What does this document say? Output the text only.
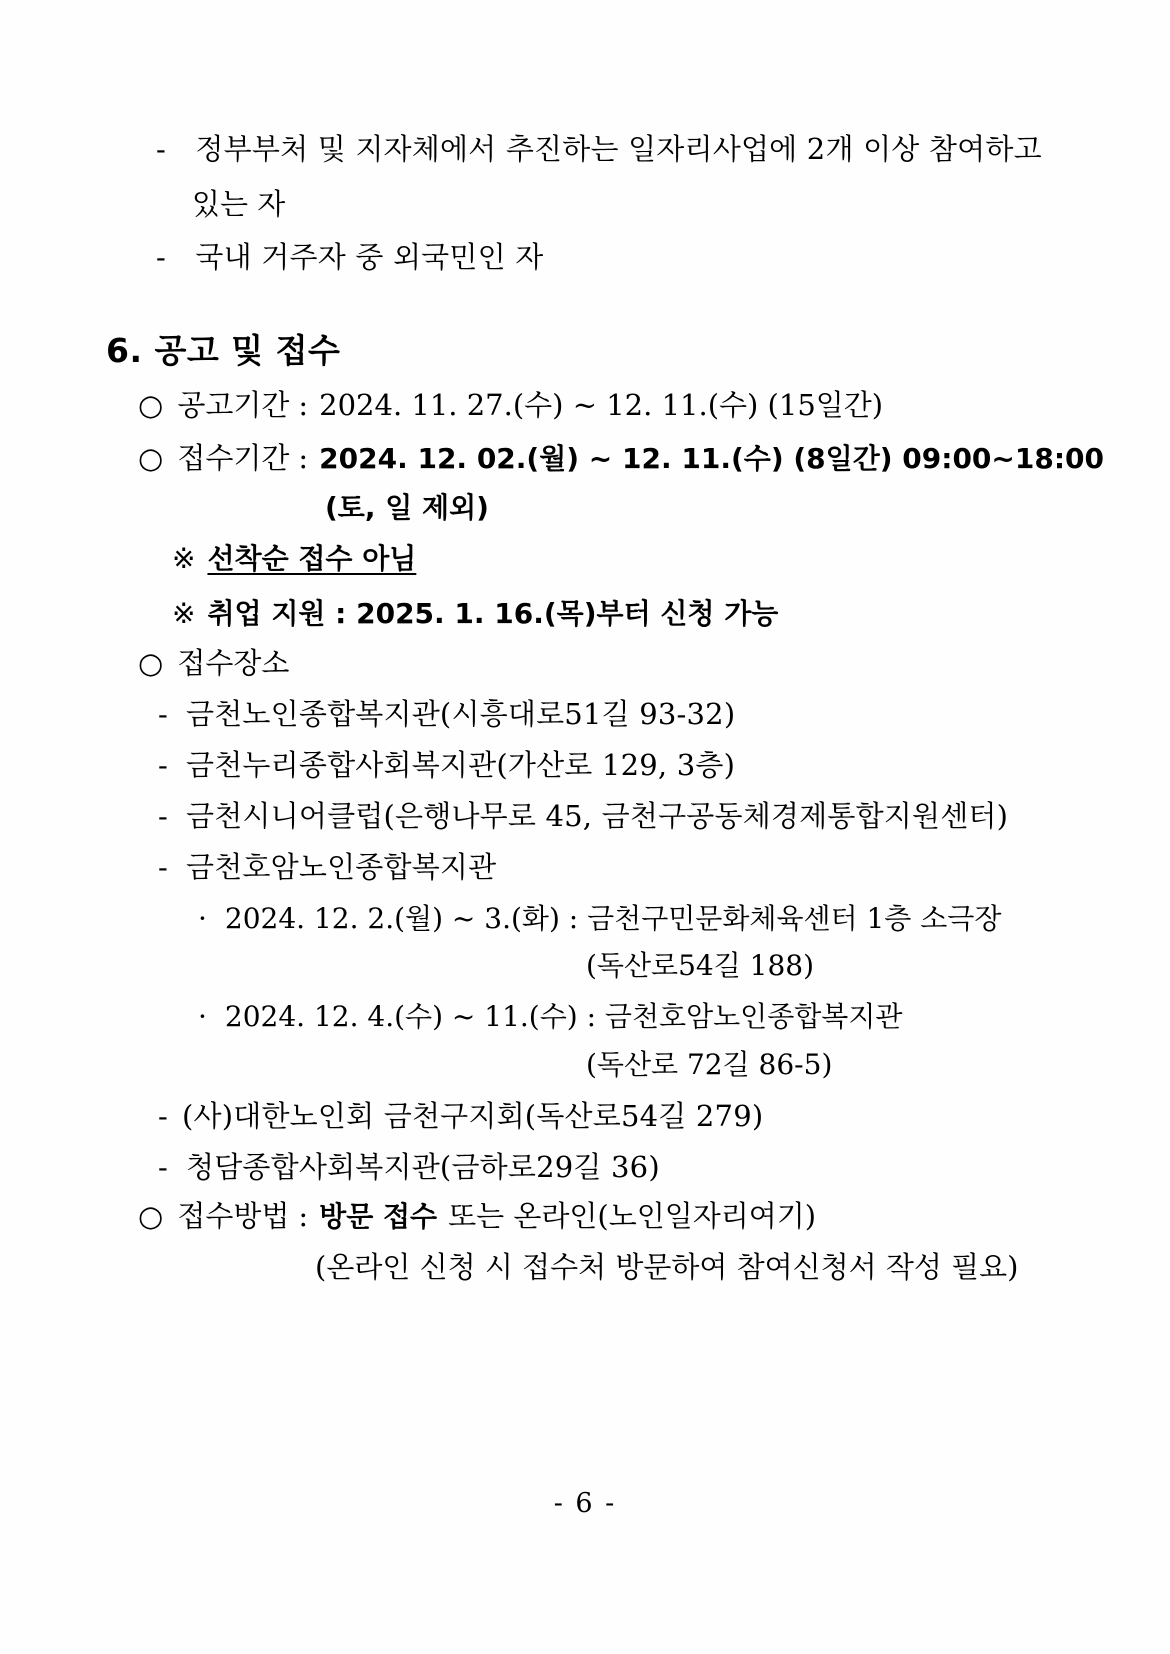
- 정부부처 및 지자체에서 추진하는 일자리사업에 2개 이상 참여하고
있는 자
- 국내 거주자 중 외국민인 자
6. 공고 및 접수
○ 공고기간 : 2024. 11. 27.(수) ~ 12. 11.(수) (15일간)
○ 접수기간 : 2024. 12. 02.(월) ~ 12. 11.(수) (8일간) 09:00~18:00
(토, 일 제외)
※ 선착순 접수 아님
※ 취업 지원 : 2025. 1. 16.(목)부터 신청 가능
○ 접수장소
- 금천노인종합복지관(시흥대로51길 93-32)
- 금천누리종합사회복지관(가산로 129, 3층)
- 금천시니어클럽(은행나무로 45, 금천구공동체경제통합지원센터)
- 금천호암노인종합복지관
· 2024. 12. 2.(월) ~ 3.(화) : 금천구민문화체육센터 1층 소극장
(독산로54길 188)
· 2024. 12. 4.(수) ~ 11.(수) : 금천호암노인종합복지관
(독산로 72길 86-5)
- (사)대한노인회 금천구지회(독산로54길 279)
- 청담종합사회복지관(금하로29길 36)
○ 접수방법 : 방문 접수 또는 온라인(노인일자리여기)
(온라인 신청 시 접수처 방문하여 참여신청서 작성 필요)
- 6 -
